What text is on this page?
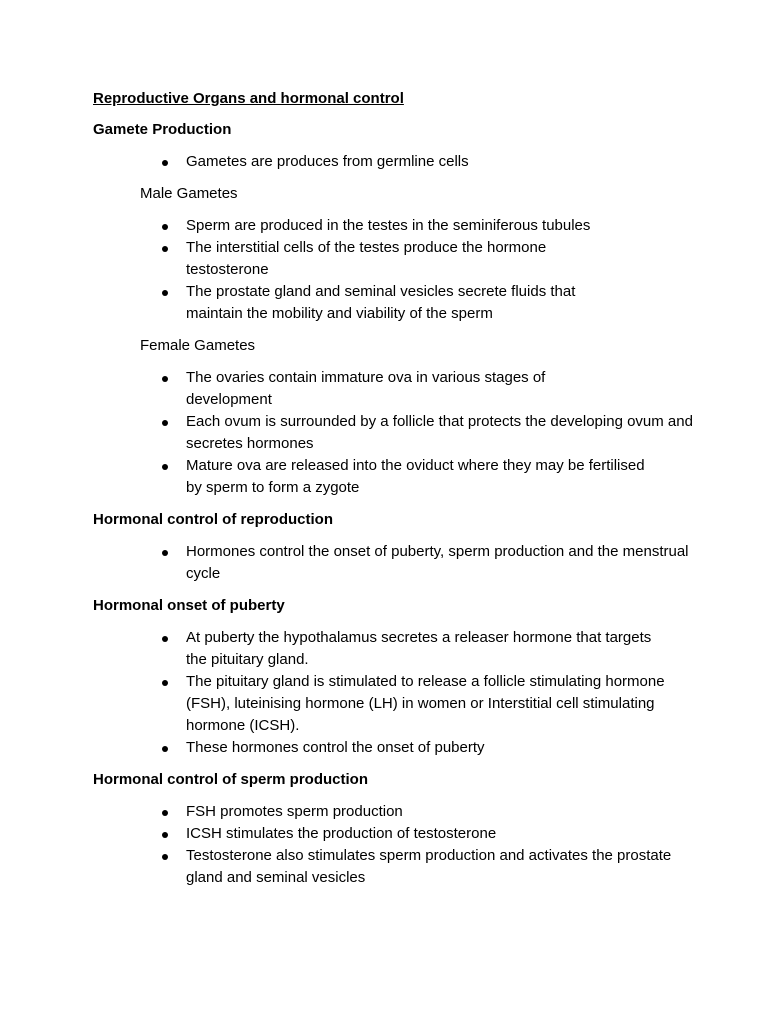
Reproductive Organs and hormonal control
Gamete Production
Gametes are produces from germline cells
Male Gametes
Sperm are produced in the testes in the seminiferous tubules
The interstitial cells of the testes produce the hormone testosterone
The prostate gland and seminal vesicles secrete fluids that maintain the mobility and viability of the sperm
Female Gametes
The ovaries contain immature ova in various stages of development
Each ovum is surrounded by a follicle that protects the developing ovum and secretes hormones
Mature ova are released into the oviduct where they may be fertilised by sperm to form a zygote
Hormonal control of reproduction
Hormones control the onset of puberty, sperm production and the menstrual cycle
Hormonal onset of puberty
At puberty the hypothalamus secretes a releaser hormone that targets the pituitary gland.
The pituitary gland is stimulated to release a follicle stimulating hormone (FSH), luteinising hormone (LH) in women or Interstitial cell stimulating hormone (ICSH).
These hormones control the onset of puberty
Hormonal control of sperm production
FSH promotes sperm production
ICSH stimulates the production of testosterone
Testosterone also stimulates sperm production and activates the prostate gland and seminal vesicles
